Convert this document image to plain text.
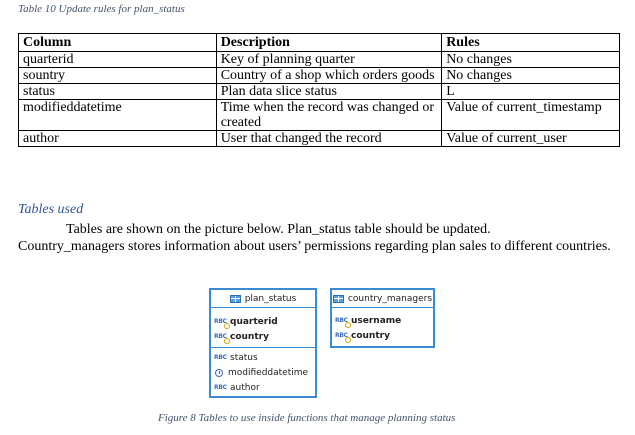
Table 10 Update rules for plan_status
Column	Description	Rules
quarterid	Key of planning quarter	No changes
sountry	Country of a shop which orders goods	No changes
status	Plan data slice status	L
modifieddatetime	Time when the record was changed or created	Value of current_timestamp
author	User that changed the record	Value of current_user
Tables used

Tables are shown on the picture below. Plan_status table should be updated.
Country_managers stores information about users’ permissions regarding plan sales to different countries.

plan_status
RBC quarterid
RBC country
RBC status
modifieddatetime
RBC author
country_managers
RBC username
RBC country
Figure 8 Tables to use inside functions that manage planning status
